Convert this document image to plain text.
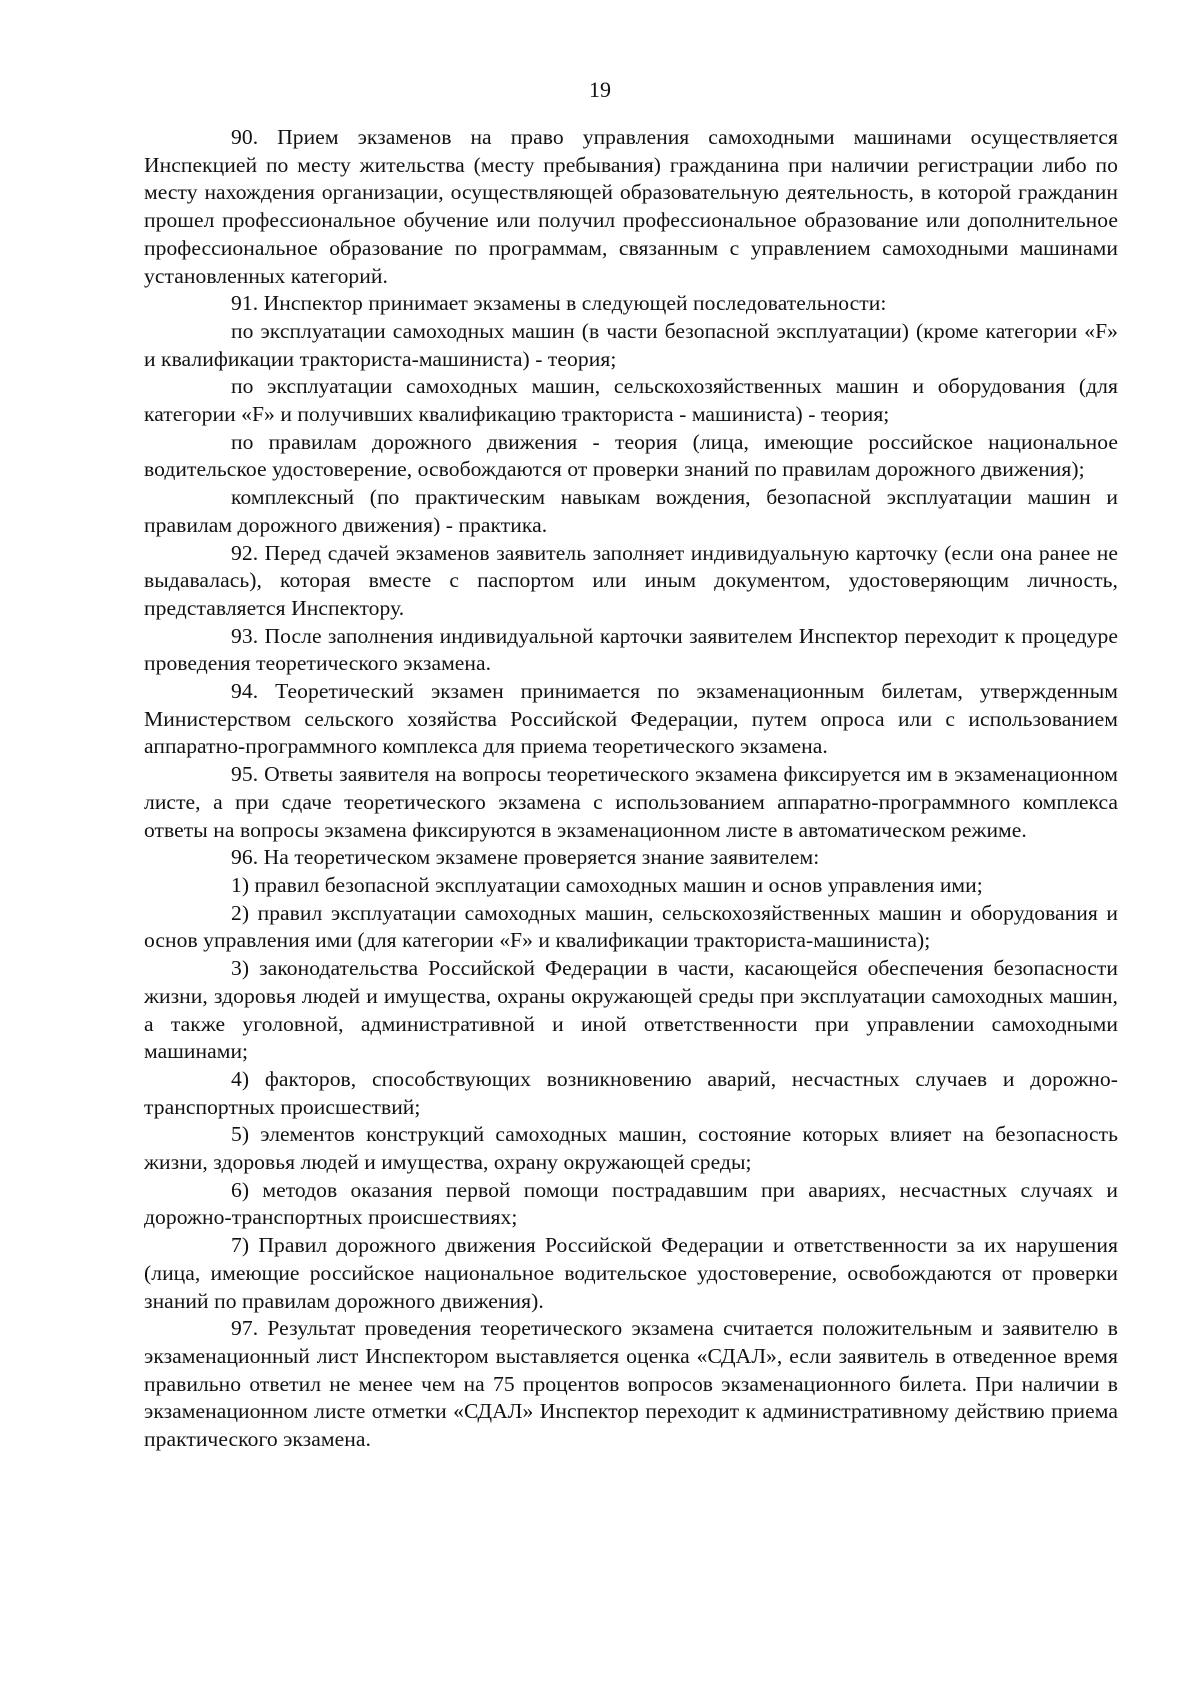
19

90. Прием экзаменов на право управления самоходными машинами осуществляется Инспекцией по месту жительства (месту пребывания) гражданина при наличии регистрации либо по месту нахождения организации, осуществляющей образовательную деятельность, в которой гражданин прошел профессиональное обучение или получил профессиональное образование или дополнительное профессиональное образование по программам, связанным с управлением самоходными машинами установленных категорий.

91. Инспектор принимает экзамены в следующей последовательности:

по эксплуатации самоходных машин (в части безопасной эксплуатации) (кроме категории «F» и квалификации тракториста-машиниста) - теория;

по эксплуатации самоходных машин, сельскохозяйственных машин и оборудования (для категории «F» и получивших квалификацию тракториста - машиниста) - теория;

по правилам дорожного движения - теория (лица, имеющие российское национальное водительское удостоверение, освобождаются от проверки знаний по правилам дорожного движения);

комплексный (по практическим навыкам вождения, безопасной эксплуатации машин и правилам дорожного движения) - практика.

92. Перед сдачей экзаменов заявитель заполняет индивидуальную карточку (если она ранее не выдавалась), которая вместе с паспортом или иным документом, удостоверяющим личность, представляется Инспектору.

93. После заполнения индивидуальной карточки заявителем Инспектор переходит к процедуре проведения теоретического экзамена.

94. Теоретический экзамен принимается по экзаменационным билетам, утвержденным Министерством сельского хозяйства Российской Федерации, путем опроса или с использованием аппаратно-программного комплекса для приема теоретического экзамена.

95. Ответы заявителя на вопросы теоретического экзамена фиксируется им в экзаменационном листе, а при сдаче теоретического экзамена с использованием аппаратно-программного комплекса ответы на вопросы экзамена фиксируются в экзаменационном листе в автоматическом режиме.

96. На теоретическом экзамене проверяется знание заявителем:

1) правил безопасной эксплуатации самоходных машин и основ управления ими;

2) правил эксплуатации самоходных машин, сельскохозяйственных машин и оборудования и основ управления ими (для категории «F» и квалификации тракториста-машиниста);

3) законодательства Российской Федерации в части, касающейся обеспечения безопасности жизни, здоровья людей и имущества, охраны окружающей среды при эксплуатации самоходных машин, а также уголовной, административной и иной ответственности при управлении самоходными машинами;

4) факторов, способствующих возникновению аварий, несчастных случаев и дорожно-транспортных происшествий;

5) элементов конструкций самоходных машин, состояние которых влияет на безопасность жизни, здоровья людей и имущества, охрану окружающей среды;

6) методов оказания первой помощи пострадавшим при авариях, несчастных случаях и дорожно-транспортных происшествиях;

7) Правил дорожного движения Российской Федерации и ответственности за их нарушения (лица, имеющие российское национальное водительское удостоверение, освобождаются от проверки знаний по правилам дорожного движения).

97. Результат проведения теоретического экзамена считается положительным и заявителю в экзаменационный лист Инспектором выставляется оценка «СДАЛ», если заявитель в отведенное время правильно ответил не менее чем на 75 процентов вопросов экзаменационного билета. При наличии в экзаменационном листе отметки «СДАЛ» Инспектор переходит к административному действию приема практического экзамена.
